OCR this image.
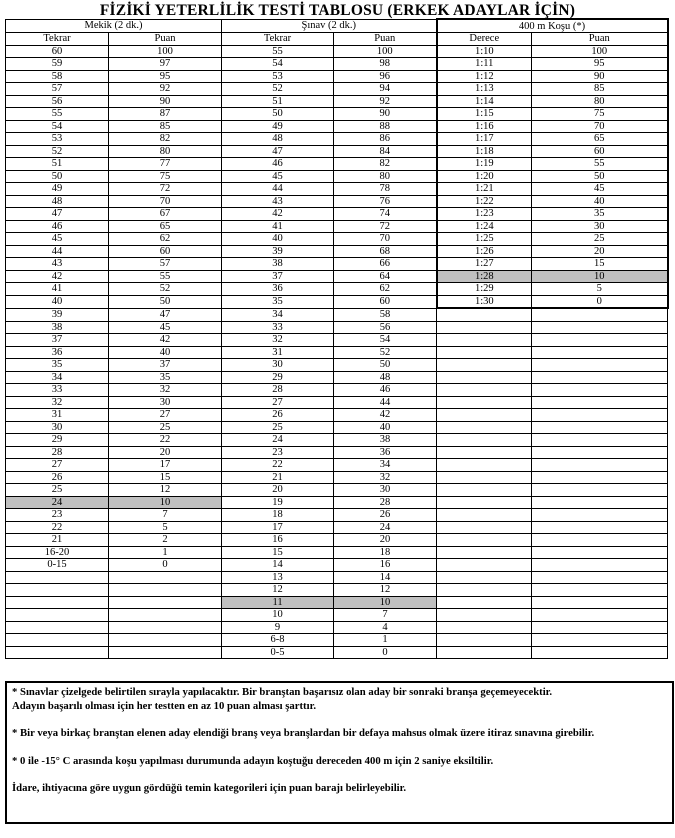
FİZİKİ YETERLİLİK TESTİ TABLOSU (ERKEK ADAYLAR İÇİN)
Mekik (2 dk.)		Şınav (2 dk.)		400 m Koşu (*)	
Tekrar	Puan	Tekrar	Puan	Derece	Puan
60	100	55	100	1:10	100
59	97	54	98	1:11	95
58	95	53	96	1:12	90
57	92	52	94	1:13	85
56	90	51	92	1:14	80
55	87	50	90	1:15	75
54	85	49	88	1:16	70
53	82	48	86	1:17	65
52	80	47	84	1:18	60
51	77	46	82	1:19	55
50	75	45	80	1:20	50
49	72	44	78	1:21	45
48	70	43	76	1:22	40
47	67	42	74	1:23	35
46	65	41	72	1:24	30
45	62	40	70	1:25	25
44	60	39	68	1:26	20
43	57	38	66	1:27	15
42	55	37	64	1:28	10
41	52	36	62	1:29	5
40	50	35	60	1:30	0
39	47	34	58		
38	45	33	56		
37	42	32	54		
36	40	31	52		
35	37	30	50		
34	35	29	48		
33	32	28	46		
32	30	27	44		
31	27	26	42		
30	25	25	40		
29	22	24	38		
28	20	23	36		
27	17	22	34		
26	15	21	32		
25	12	20	30		
24	10	19	28		
23	7	18	26		
22	5	17	24		
21	2	16	20		
16-20	1	15	18		
0-15	0	14	16		
		13	14		
		12	12		
		11	10		
		10	7		
		9	4		
		6-8	1		
		0-5	0		

* Sınavlar çizelgede belirtilen sırayla yapılacaktır. Bir branştan başarısız olan aday bir sonraki branşa geçemeyecektir.

Adayın başarılı olması için her testten en az 10 puan alması şarttır.

* Bir veya birkaç branştan elenen aday elendiği branş veya branşlardan bir defaya mahsus olmak üzere itiraz sınavına girebilir.

* 0 ile -15° C arasında koşu yapılması durumunda adayın koştuğu dereceden 400 m için 2 saniye eksiltilir.

İdare, ihtiyacına göre uygun gördüğü temin kategorileri için puan barajı belirleyebilir.
